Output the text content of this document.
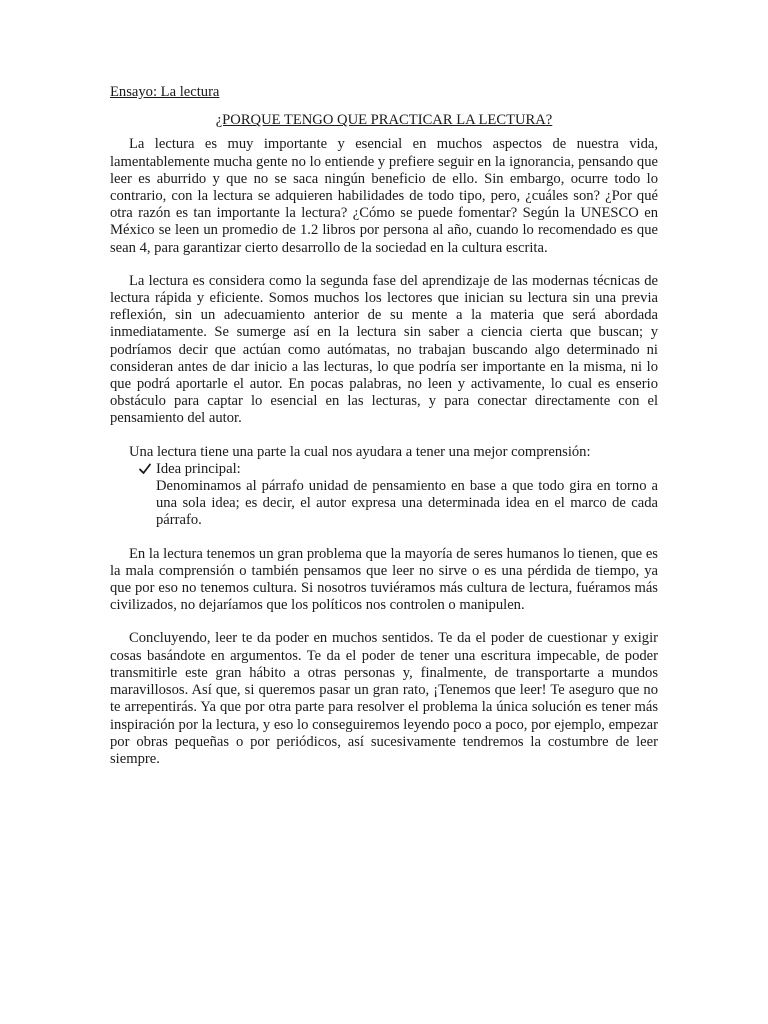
Ensayo: La lectura

¿PORQUE TENGO QUE PRACTICAR LA LECTURA?

La lectura es muy importante y esencial en muchos aspectos de nuestra vida, lamentablemente mucha gente no lo entiende y prefiere seguir en la ignorancia, pensando que leer es aburrido y que no se saca ningún beneficio de ello. Sin embargo, ocurre todo lo contrario, con la lectura se adquieren habilidades de todo tipo, pero, ¿cuáles son? ¿Por qué otra razón es tan importante la lectura? ¿Cómo se puede fomentar? Según la UNESCO en México se leen un promedio de 1.2 libros por persona al año, cuando lo recomendado es que sean 4, para garantizar cierto desarrollo de la sociedad en la cultura escrita.

La lectura es considera como la segunda fase del aprendizaje de las modernas técnicas de lectura rápida y eficiente. Somos muchos los lectores que inician su lectura sin una previa reflexión, sin un adecuamiento anterior de su mente a la materia que será abordada inmediatamente. Se sumerge así en la lectura sin saber a ciencia cierta que buscan; y podríamos decir que actúan como autómatas, no trabajan buscando algo determinado ni consideran antes de dar inicio a las lecturas, lo que podría ser importante en la misma, ni lo que podrá aportarle el autor. En pocas palabras, no leen y activamente, lo cual es enserio obstáculo para captar lo esencial en las lecturas, y para conectar directamente con el pensamiento del autor.

Una lectura tiene una parte la cual nos ayudara a tener una mejor comprensión:

Idea principal:

Denominamos al párrafo unidad de pensamiento en base a que todo gira en torno a una sola idea; es decir, el autor expresa una determinada idea en el marco de cada párrafo.

En la lectura tenemos un gran problema que la mayoría de seres humanos lo tienen, que es la mala comprensión o también pensamos que leer no sirve o es una pérdida de tiempo, ya que por eso no tenemos cultura. Si nosotros tuviéramos más cultura de lectura, fuéramos más civilizados, no dejaríamos que los políticos nos controlen o manipulen.

Concluyendo, leer te da poder en muchos sentidos. Te da el poder de cuestionar y exigir cosas basándote en argumentos. Te da el poder de tener una escritura impecable, de poder transmitirle este gran hábito a otras personas y, finalmente, de transportarte a mundos maravillosos. Así que, si queremos pasar un gran rato, ¡Tenemos que leer! Te aseguro que no te arrepentirás. Ya que por otra parte para resolver el problema la única solución es tener más inspiración por la lectura, y eso lo conseguiremos leyendo poco a poco, por ejemplo, empezar por obras pequeñas o por periódicos, así sucesivamente tendremos la costumbre de leer siempre.
